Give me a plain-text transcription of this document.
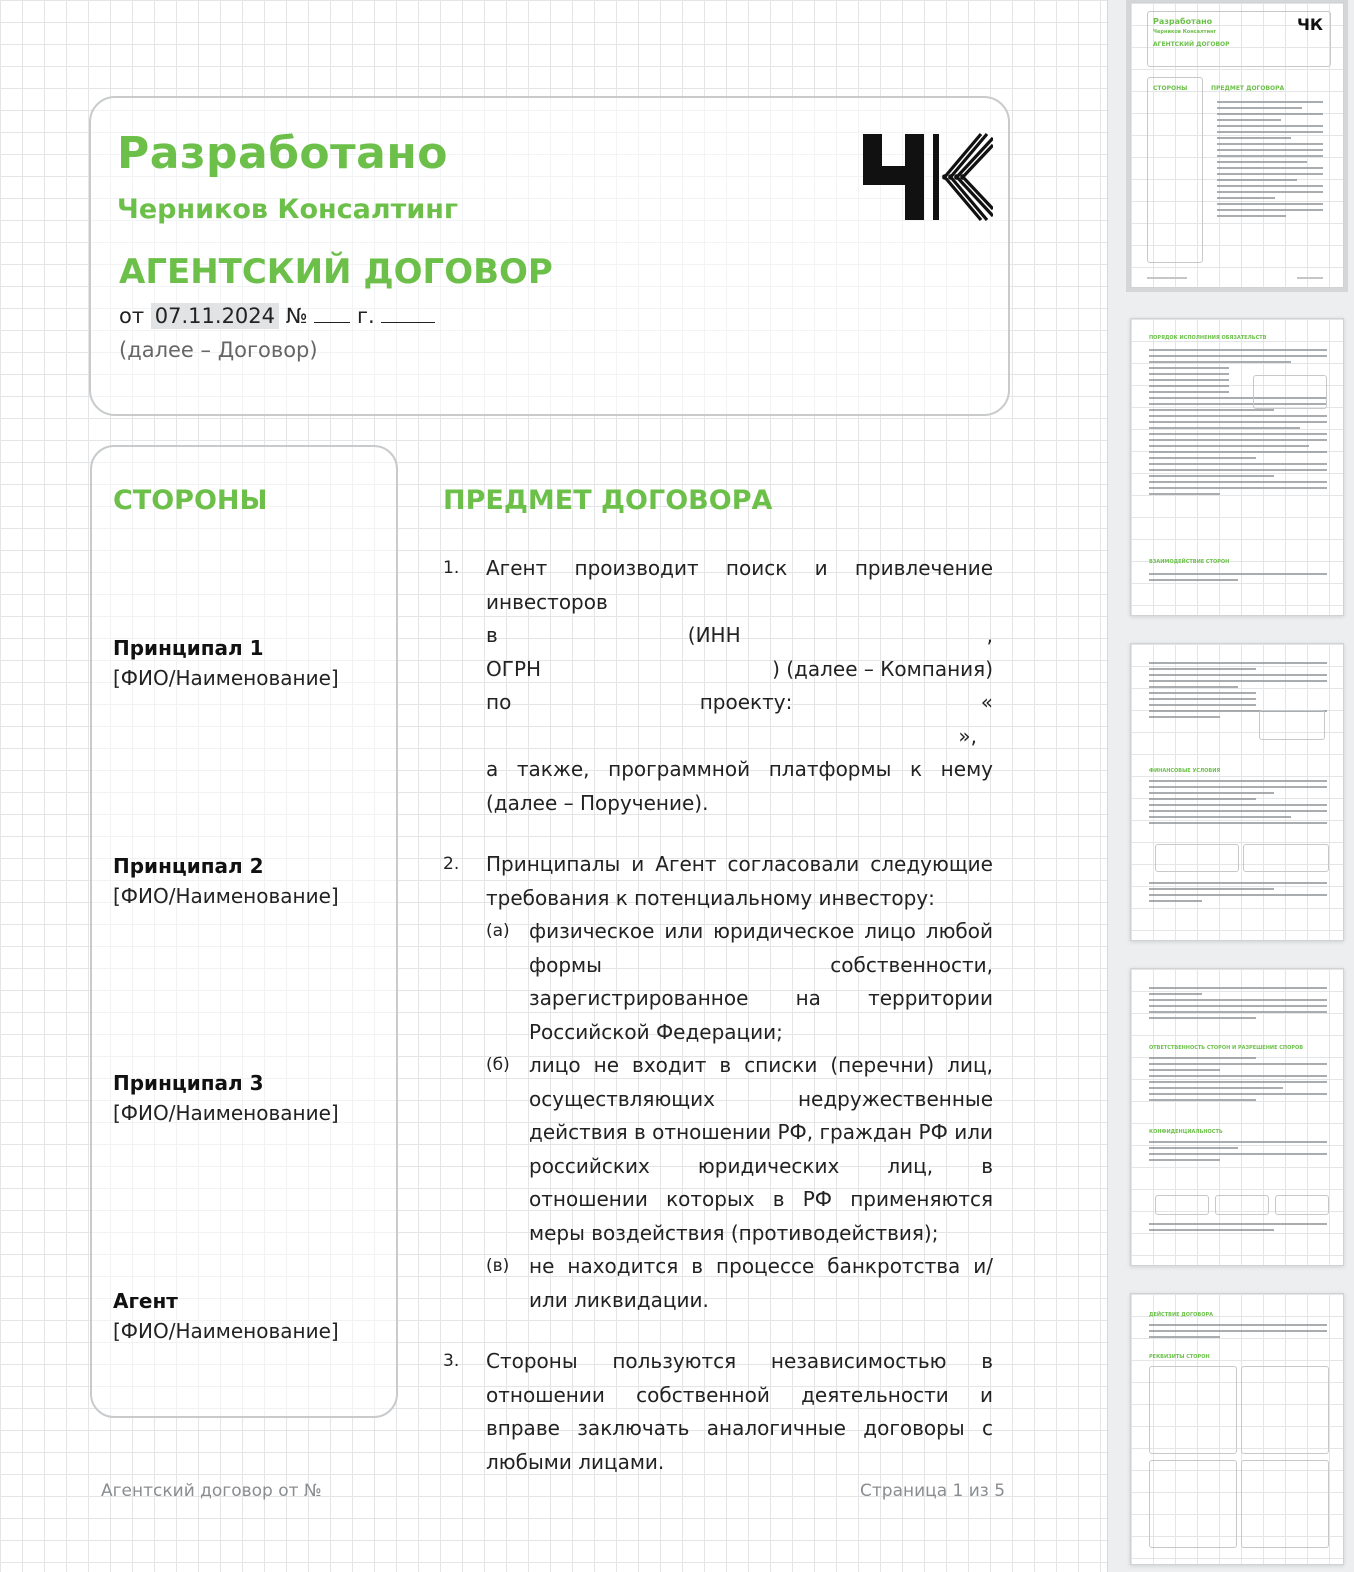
Разработано
Черников Консалтинг
АГЕНТСКИЙ ДОГОВОР
от 07.11.2024 № г.
(далее – Договор)
СТОРОНЫ
Принципал 1
[ФИО/Наименование]
Принципал 2
[ФИО/Наименование]
Принципал 3
[ФИО/Наименование]
Агент
[ФИО/Наименование]
ПРЕДМЕТ ДОГОВОРА
1. Агент производит поиск и привлечение инвесторов
в	(ИНН	,
ОГРН	) (далее – Компания)
по	проекту:	«
»,
а также, программной платформы к нему (далее – Поручение).
2. Принципалы и Агент согласовали следующие требования к потенциальному инвестору:
(а) физическое или юридическое лицо любой формы собственности, зарегистрированное на территории Российской Федерации;
(б) лицо не входит в списки (перечни) лиц, осуществляющих недружественные действия в отношении РФ, граждан РФ или российских юридических лиц, в отношении которых в РФ применяются меры воздействия (противодействия);
(в) не находится в процессе банкротства и/или ликвидации.
3. Стороны пользуются независимостью в отношении собственной деятельности и вправе заключать аналогичные договоры с любыми лицами.
Агентский договор от №	Страница 1 из 5
Разработано
Черников Консалтинг
АГЕНТСКИЙ ДОГОВОР
ЧК
СТОРОНЫ	ПРЕДМЕТ ДОГОВОРА
ПОРЯДОК ИСПОЛНЕНИЯ ОБЯЗАТЕЛЬСТВ
ВЗАИМОДЕЙСТВИЕ СТОРОН
ФИНАНСОВЫЕ УСЛОВИЯ
ОТВЕТСТВЕННОСТЬ СТОРОН И РАЗРЕШЕНИЕ СПОРОВ
КОНФИДЕНЦИАЛЬНОСТЬ
ДЕЙСТВИЕ ДОГОВОРА
РЕКВИЗИТЫ СТОРОН
